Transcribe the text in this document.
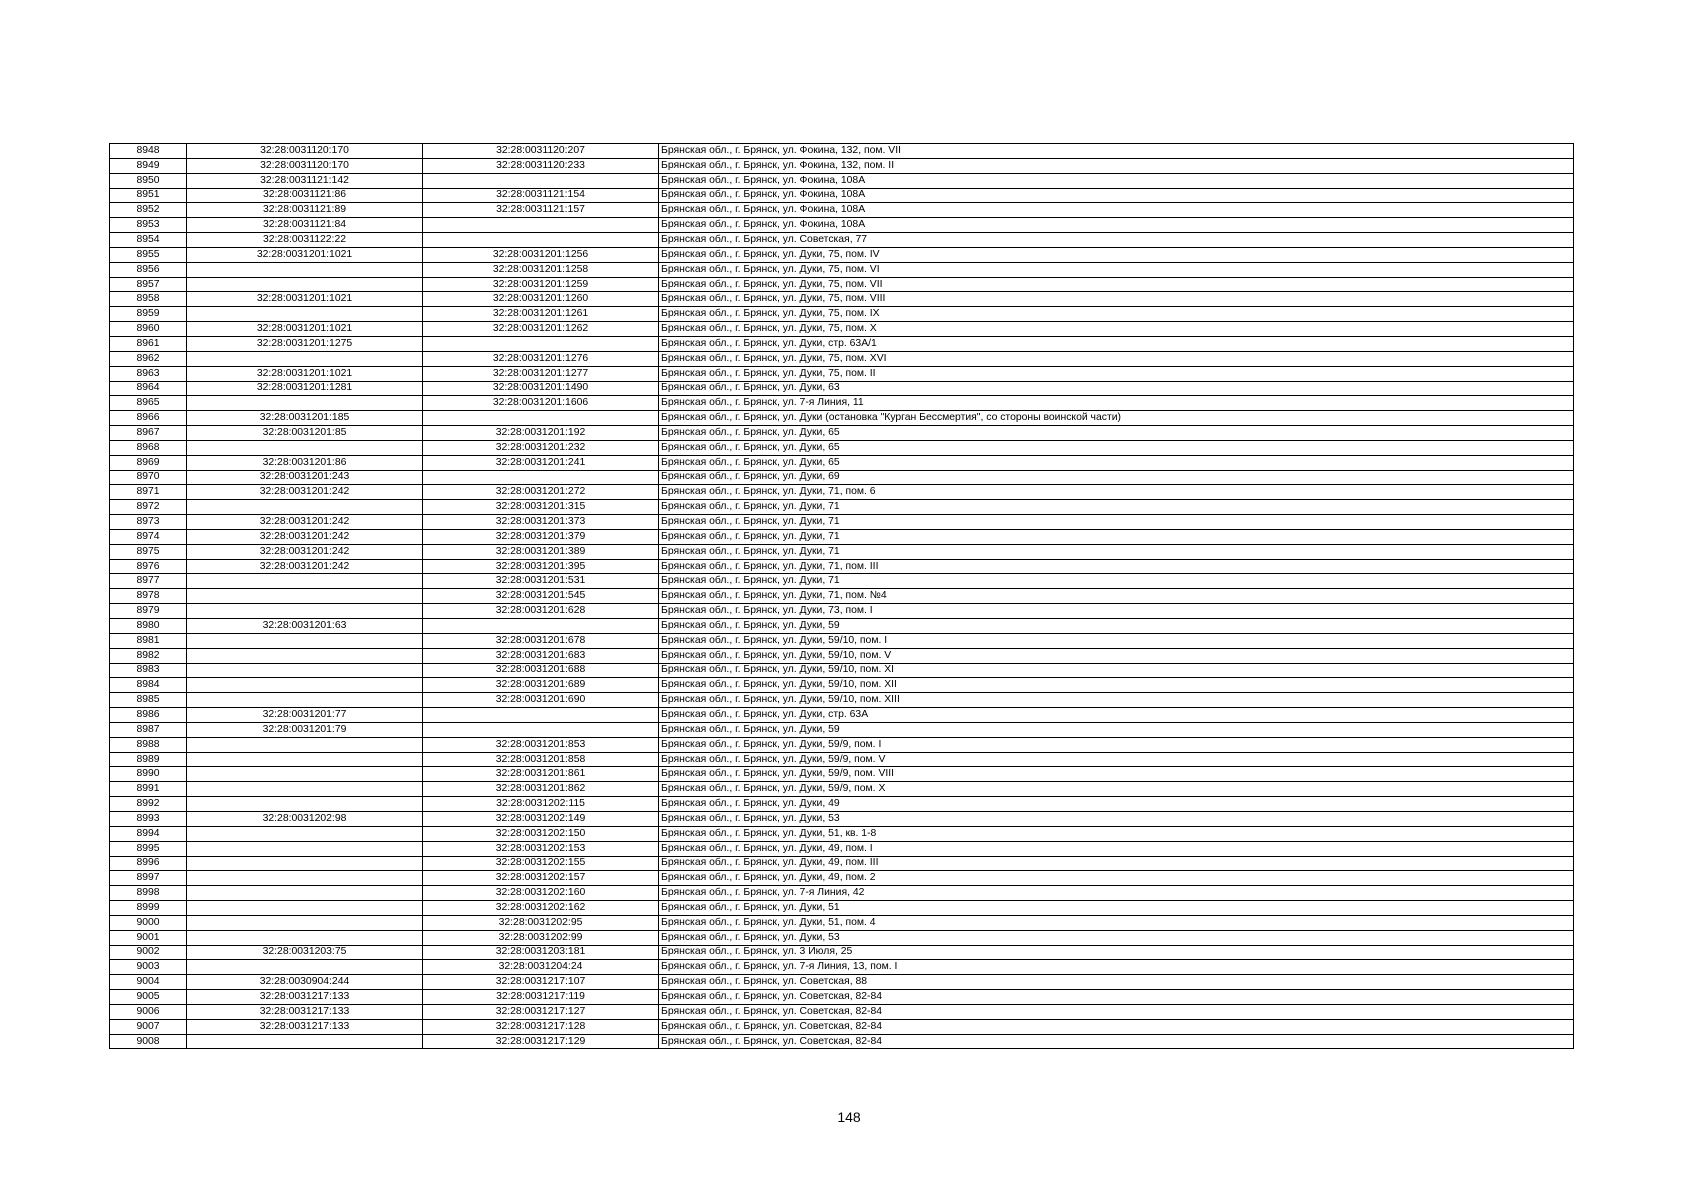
8948	32:28:0031120:170	32:28:0031120:207	Брянская обл., г. Брянск, ул. Фокина, 132, пом. VII
8949	32:28:0031120:170	32:28:0031120:233	Брянская обл., г. Брянск, ул. Фокина, 132, пом. II
8950	32:28:0031121:142		Брянская обл., г. Брянск, ул. Фокина, 108А
8951	32:28:0031121:86	32:28:0031121:154	Брянская обл., г. Брянск, ул. Фокина, 108А
8952	32:28:0031121:89	32:28:0031121:157	Брянская обл., г. Брянск, ул. Фокина, 108А
8953	32:28:0031121:84		Брянская обл., г. Брянск, ул. Фокина, 108А
8954	32:28:0031122:22		Брянская обл., г. Брянск, ул. Советская, 77
8955	32:28:0031201:1021	32:28:0031201:1256	Брянская обл., г. Брянск, ул. Дуки, 75, пом. IV
8956		32:28:0031201:1258	Брянская обл., г. Брянск, ул. Дуки, 75, пом. VI
8957		32:28:0031201:1259	Брянская обл., г. Брянск, ул. Дуки, 75, пом. VII
8958	32:28:0031201:1021	32:28:0031201:1260	Брянская обл., г. Брянск, ул. Дуки, 75, пом. VIII
8959		32:28:0031201:1261	Брянская обл., г. Брянск, ул. Дуки, 75, пом. IX
8960	32:28:0031201:1021	32:28:0031201:1262	Брянская обл., г. Брянск, ул. Дуки, 75, пом. X
8961	32:28:0031201:1275		Брянская обл., г. Брянск, ул. Дуки, стр. 63А/1
8962		32:28:0031201:1276	Брянская обл., г. Брянск, ул. Дуки, 75, пом. XVI
8963	32:28:0031201:1021	32:28:0031201:1277	Брянская обл., г. Брянск, ул. Дуки, 75, пом. II
8964	32:28:0031201:1281	32:28:0031201:1490	Брянская обл., г. Брянск, ул. Дуки, 63
8965		32:28:0031201:1606	Брянская обл., г. Брянск, ул. 7-я Линия, 11
8966	32:28:0031201:185		Брянская обл., г. Брянск, ул. Дуки (остановка "Курган Бессмертия", со стороны воинской части)
8967	32:28:0031201:85	32:28:0031201:192	Брянская обл., г. Брянск, ул. Дуки, 65
8968		32:28:0031201:232	Брянская обл., г. Брянск, ул. Дуки, 65
8969	32:28:0031201:86	32:28:0031201:241	Брянская обл., г. Брянск, ул. Дуки, 65
8970	32:28:0031201:243		Брянская обл., г. Брянск, ул. Дуки, 69
8971	32:28:0031201:242	32:28:0031201:272	Брянская обл., г. Брянск, ул. Дуки, 71, пом. 6
8972		32:28:0031201:315	Брянская обл., г. Брянск, ул. Дуки, 71
8973	32:28:0031201:242	32:28:0031201:373	Брянская обл., г. Брянск, ул. Дуки, 71
8974	32:28:0031201:242	32:28:0031201:379	Брянская обл., г. Брянск, ул. Дуки, 71
8975	32:28:0031201:242	32:28:0031201:389	Брянская обл., г. Брянск, ул. Дуки, 71
8976	32:28:0031201:242	32:28:0031201:395	Брянская обл., г. Брянск, ул. Дуки, 71, пом. III
8977		32:28:0031201:531	Брянская обл., г. Брянск, ул. Дуки, 71
8978		32:28:0031201:545	Брянская обл., г. Брянск, ул. Дуки, 71, пом. №4
8979		32:28:0031201:628	Брянская обл., г. Брянск, ул. Дуки, 73, пом. I
8980	32:28:0031201:63		Брянская обл., г. Брянск, ул. Дуки, 59
8981		32:28:0031201:678	Брянская обл., г. Брянск, ул. Дуки, 59/10, пом. I
8982		32:28:0031201:683	Брянская обл., г. Брянск, ул. Дуки, 59/10, пом. V
8983		32:28:0031201:688	Брянская обл., г. Брянск, ул. Дуки, 59/10, пом. XI
8984		32:28:0031201:689	Брянская обл., г. Брянск, ул. Дуки, 59/10, пом. XII
8985		32:28:0031201:690	Брянская обл., г. Брянск, ул. Дуки, 59/10, пом. XIII
8986	32:28:0031201:77		Брянская обл., г. Брянск, ул. Дуки, стр. 63А
8987	32:28:0031201:79		Брянская обл., г. Брянск, ул. Дуки, 59
8988		32:28:0031201:853	Брянская обл., г. Брянск, ул. Дуки, 59/9, пом. I
8989		32:28:0031201:858	Брянская обл., г. Брянск, ул. Дуки, 59/9, пом. V
8990		32:28:0031201:861	Брянская обл., г. Брянск, ул. Дуки, 59/9, пом. VIII
8991		32:28:0031201:862	Брянская обл., г. Брянск, ул. Дуки, 59/9, пом. X
8992		32:28:0031202:115	Брянская обл., г. Брянск, ул. Дуки, 49
8993	32:28:0031202:98	32:28:0031202:149	Брянская обл., г. Брянск, ул. Дуки, 53
8994		32:28:0031202:150	Брянская обл., г. Брянск, ул. Дуки, 51, кв. 1-8
8995		32:28:0031202:153	Брянская обл., г. Брянск, ул. Дуки, 49, пом. I
8996		32:28:0031202:155	Брянская обл., г. Брянск, ул. Дуки, 49, пом. III
8997		32:28:0031202:157	Брянская обл., г. Брянск, ул. Дуки, 49, пом. 2
8998		32:28:0031202:160	Брянская обл., г. Брянск, ул. 7-я Линия, 42
8999		32:28:0031202:162	Брянская обл., г. Брянск, ул. Дуки, 51
9000		32:28:0031202:95	Брянская обл., г. Брянск, ул. Дуки, 51, пом. 4
9001		32:28:0031202:99	Брянская обл., г. Брянск, ул. Дуки, 53
9002	32:28:0031203:75	32:28:0031203:181	Брянская обл., г. Брянск, ул. 3 Июля, 25
9003		32:28:0031204:24	Брянская обл., г. Брянск, ул. 7-я Линия, 13, пом. I
9004	32:28:0030904:244	32:28:0031217:107	Брянская обл., г. Брянск, ул. Советская, 88
9005	32:28:0031217:133	32:28:0031217:119	Брянская обл., г. Брянск, ул. Советская, 82-84
9006	32:28:0031217:133	32:28:0031217:127	Брянская обл., г. Брянск, ул. Советская, 82-84
9007	32:28:0031217:133	32:28:0031217:128	Брянская обл., г. Брянск, ул. Советская, 82-84
9008		32:28:0031217:129	Брянская обл., г. Брянск, ул. Советская, 82-84
148
